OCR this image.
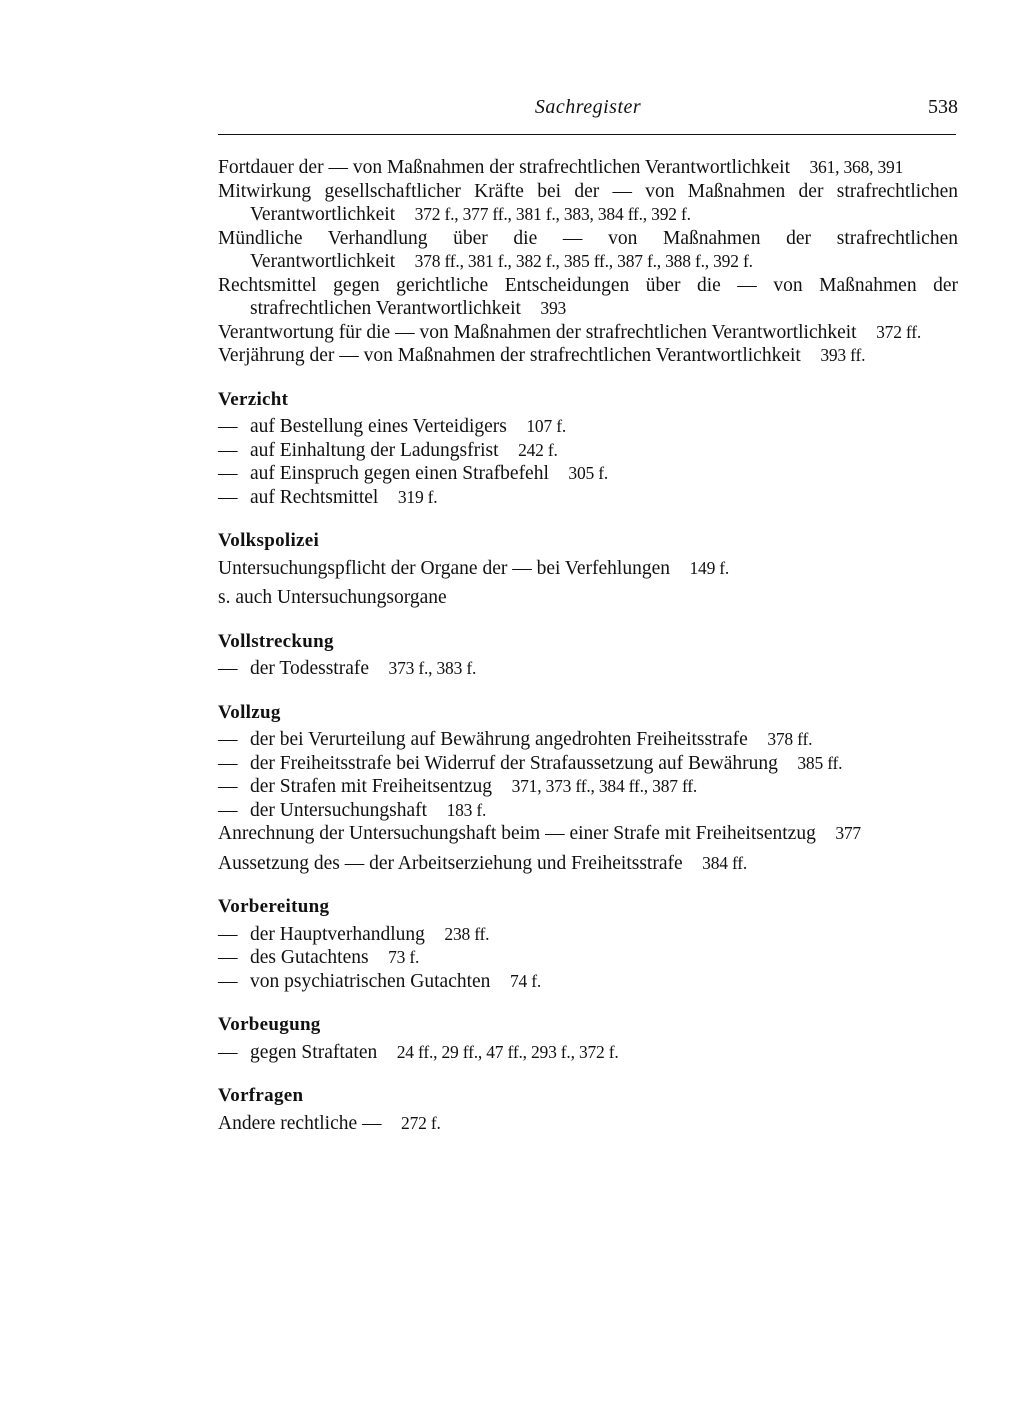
Sachregister	538
Fortdauer der — von Maßnahmen der strafrechtlichen Verantwortlichkeit   361, 368, 391
Mitwirkung gesellschaftlicher Kräfte bei der — von Maßnahmen der strafrechtlichen Verantwortlichkeit   372 f., 377 ff., 381 f., 383, 384 ff., 392 f.
Mündliche Verhandlung über die — von Maßnahmen der strafrechtlichen Verantwortlichkeit   378 ff., 381 f., 382 f., 385 ff., 387 f., 388 f., 392 f.
Rechtsmittel gegen gerichtliche Entscheidungen über die — von Maßnahmen der strafrechtlichen Verantwortlichkeit   393
Verantwortung für die — von Maßnahmen der strafrechtlichen Verantwortlichkeit   372 ff.
Verjährung der — von Maßnahmen der strafrechtlichen Verantwortlichkeit   393 ff.
Verzicht
— auf Bestellung eines Verteidigers   107 f.
— auf Einhaltung der Ladungsfrist   242 f.
— auf Einspruch gegen einen Strafbefehl   305 f.
— auf Rechtsmittel   319 f.
Volkspolizei
Untersuchungspflicht der Organe der — bei Verfehlungen   149 f.
s. auch Untersuchungsorgane
Vollstreckung
— der Todesstrafe   373 f., 383 f.
Vollzug
— der bei Verurteilung auf Bewährung angedrohten Freiheitsstrafe   378 ff.
— der Freiheitsstrafe bei Widerruf der Strafaussetzung auf Bewährung   385 ff.
— der Strafen mit Freiheitsentzug   371, 373 ff., 384 ff., 387 ff.
— der Untersuchungshaft   183 f.
Anrechnung der Untersuchungshaft beim — einer Strafe mit Freiheitsentzug   377
Aussetzung des — der Arbeitserziehung und Freiheitsstrafe   384 ff.
Vorbereitung
— der Hauptverhandlung   238 ff.
— des Gutachtens   73 f.
— von psychiatrischen Gutachten   74 f.
Vorbeugung
— gegen Straftaten   24 ff., 29 ff., 47 ff., 293 f., 372 f.
Vorfragen
Andere rechtliche —   272 f.
